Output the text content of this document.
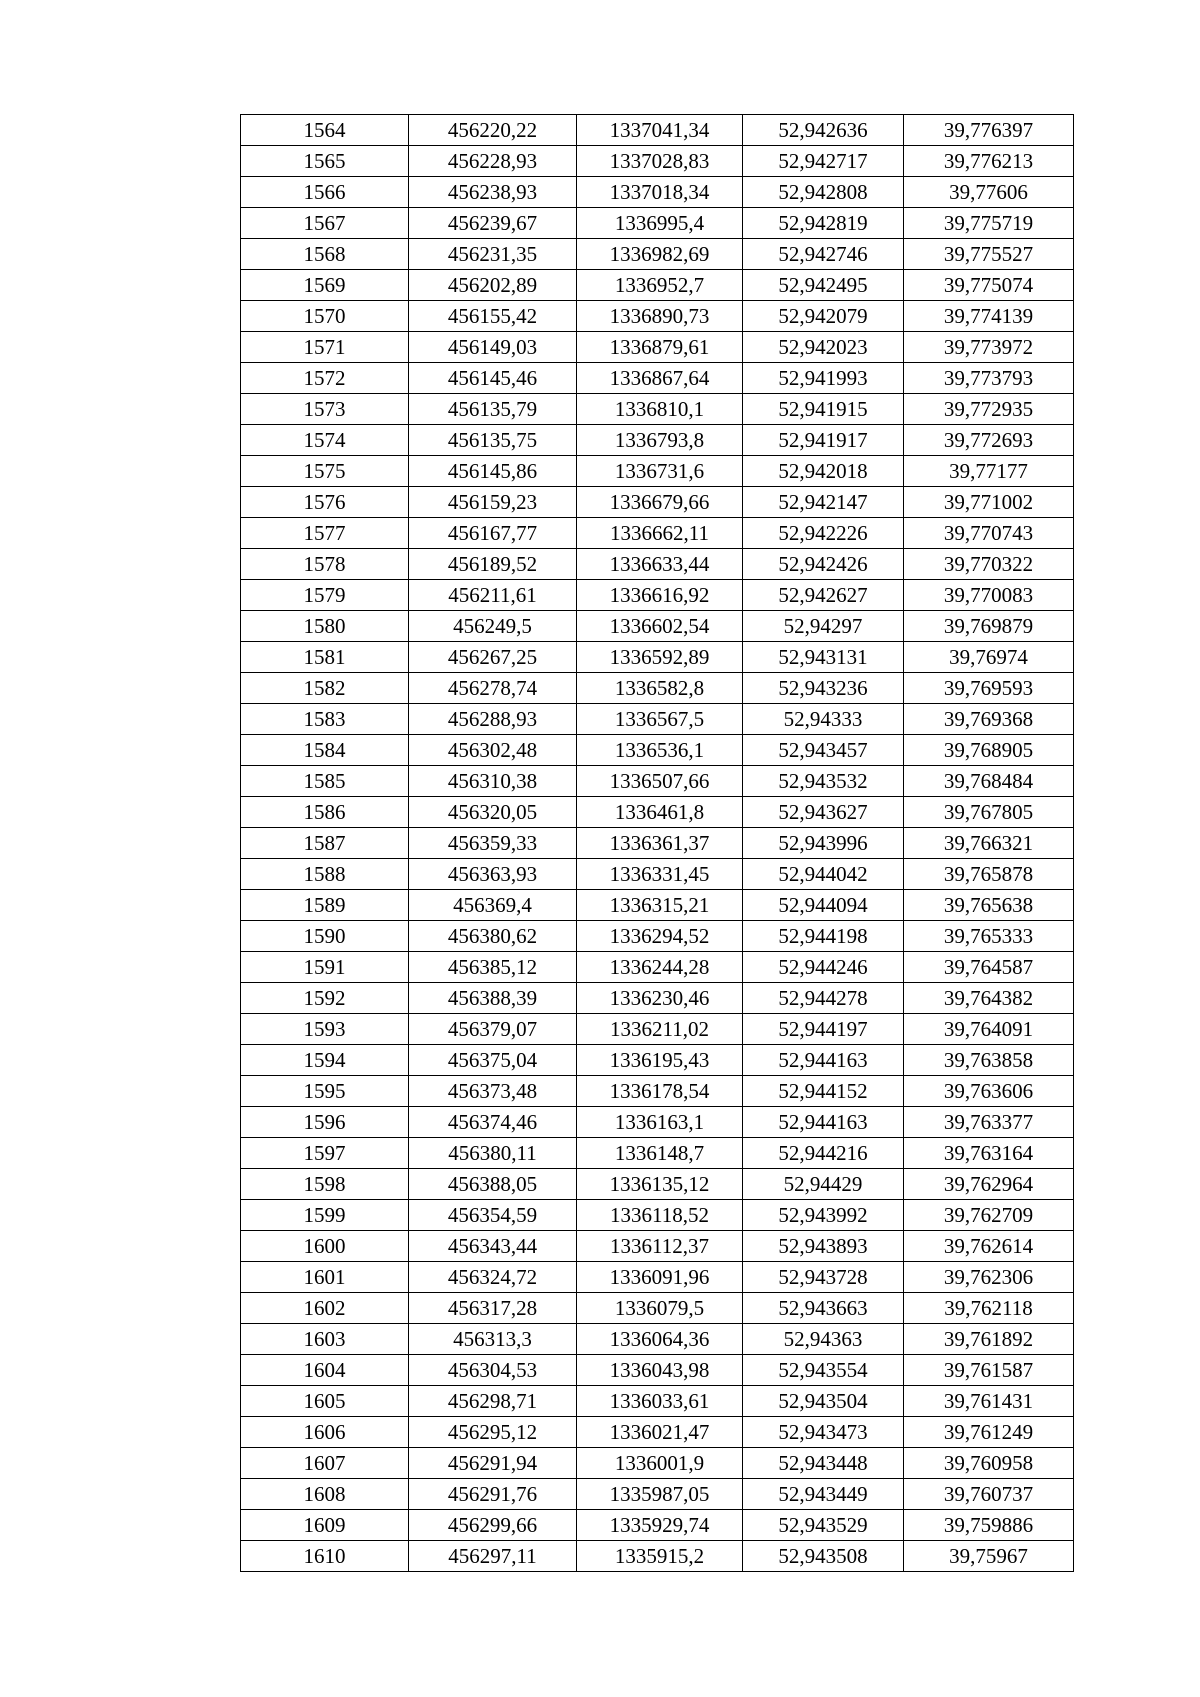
1564	456220,22	1337041,34	52,942636	39,776397
1565	456228,93	1337028,83	52,942717	39,776213
1566	456238,93	1337018,34	52,942808	39,77606
1567	456239,67	1336995,4	52,942819	39,775719
1568	456231,35	1336982,69	52,942746	39,775527
1569	456202,89	1336952,7	52,942495	39,775074
1570	456155,42	1336890,73	52,942079	39,774139
1571	456149,03	1336879,61	52,942023	39,773972
1572	456145,46	1336867,64	52,941993	39,773793
1573	456135,79	1336810,1	52,941915	39,772935
1574	456135,75	1336793,8	52,941917	39,772693
1575	456145,86	1336731,6	52,942018	39,77177
1576	456159,23	1336679,66	52,942147	39,771002
1577	456167,77	1336662,11	52,942226	39,770743
1578	456189,52	1336633,44	52,942426	39,770322
1579	456211,61	1336616,92	52,942627	39,770083
1580	456249,5	1336602,54	52,94297	39,769879
1581	456267,25	1336592,89	52,943131	39,76974
1582	456278,74	1336582,8	52,943236	39,769593
1583	456288,93	1336567,5	52,94333	39,769368
1584	456302,48	1336536,1	52,943457	39,768905
1585	456310,38	1336507,66	52,943532	39,768484
1586	456320,05	1336461,8	52,943627	39,767805
1587	456359,33	1336361,37	52,943996	39,766321
1588	456363,93	1336331,45	52,944042	39,765878
1589	456369,4	1336315,21	52,944094	39,765638
1590	456380,62	1336294,52	52,944198	39,765333
1591	456385,12	1336244,28	52,944246	39,764587
1592	456388,39	1336230,46	52,944278	39,764382
1593	456379,07	1336211,02	52,944197	39,764091
1594	456375,04	1336195,43	52,944163	39,763858
1595	456373,48	1336178,54	52,944152	39,763606
1596	456374,46	1336163,1	52,944163	39,763377
1597	456380,11	1336148,7	52,944216	39,763164
1598	456388,05	1336135,12	52,94429	39,762964
1599	456354,59	1336118,52	52,943992	39,762709
1600	456343,44	1336112,37	52,943893	39,762614
1601	456324,72	1336091,96	52,943728	39,762306
1602	456317,28	1336079,5	52,943663	39,762118
1603	456313,3	1336064,36	52,94363	39,761892
1604	456304,53	1336043,98	52,943554	39,761587
1605	456298,71	1336033,61	52,943504	39,761431
1606	456295,12	1336021,47	52,943473	39,761249
1607	456291,94	1336001,9	52,943448	39,760958
1608	456291,76	1335987,05	52,943449	39,760737
1609	456299,66	1335929,74	52,943529	39,759886
1610	456297,11	1335915,2	52,943508	39,75967
